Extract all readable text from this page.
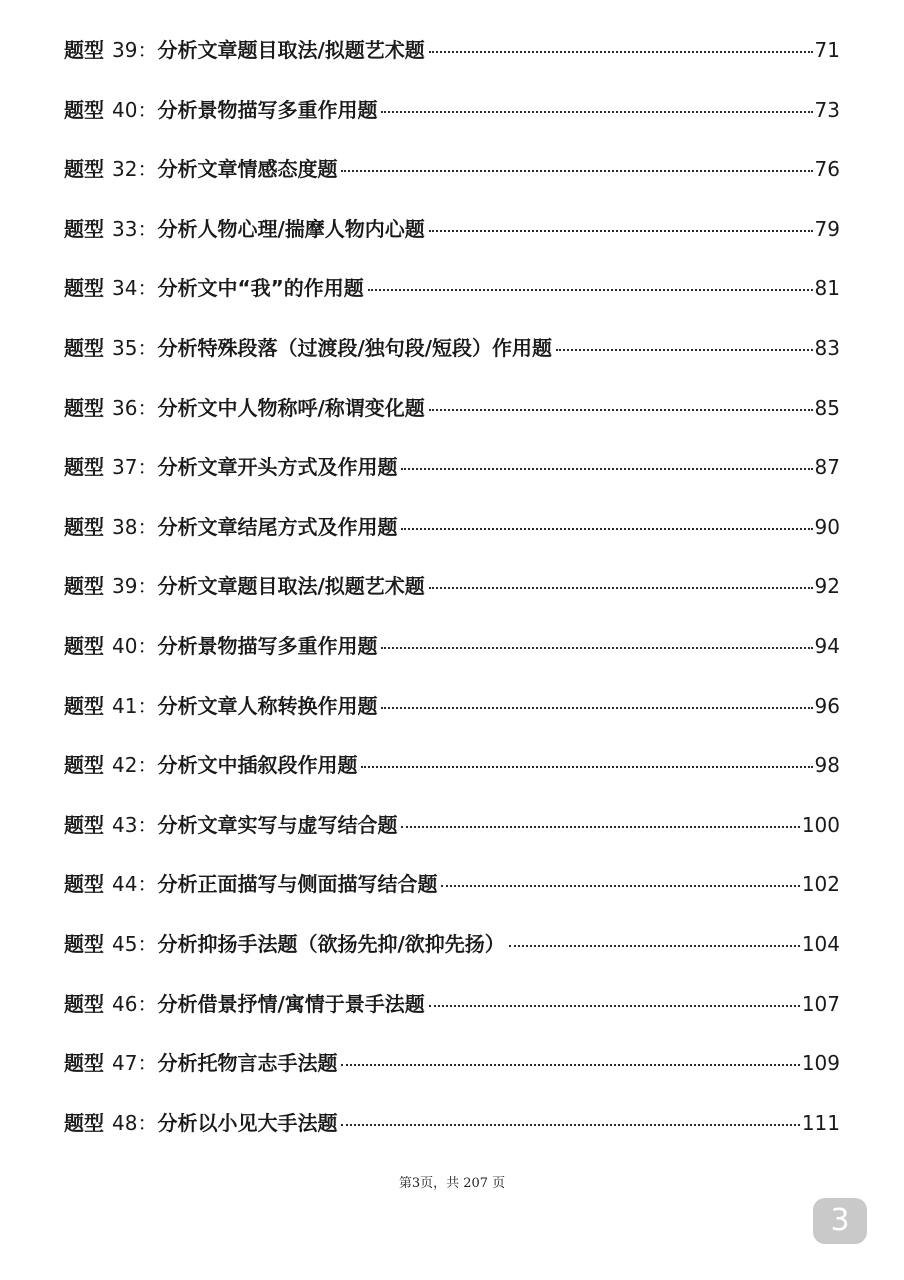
题型 39： 分析文章题目取法/拟题艺术题	71
题型 40： 分析景物描写多重作用题	73
题型 32： 分析文章情感态度题	76
题型 33： 分析人物心理/揣摩人物内心题	79
题型 34： 分析文中“我”的作用题	81
题型 35： 分析特殊段落（过渡段/独句段/短段）作用题	83
题型 36： 分析文中人物称呼/称谓变化题	85
题型 37： 分析文章开头方式及作用题	87
题型 38： 分析文章结尾方式及作用题	90
题型 39： 分析文章题目取法/拟题艺术题	92
题型 40： 分析景物描写多重作用题	94
题型 41： 分析文章人称转换作用题	96
题型 42： 分析文中插叙段作用题	98
题型 43： 分析文章实写与虚写结合题	100
题型 44： 分析正面描写与侧面描写结合题	102
题型 45： 分析抑扬手法题（欲扬先抑/欲抑先扬）	104
题型 46： 分析借景抒情/寓情于景手法题	107
题型 47： 分析托物言志手法题	109
题型 48： 分析以小见大手法题	111
第3页，共 207 页
3
